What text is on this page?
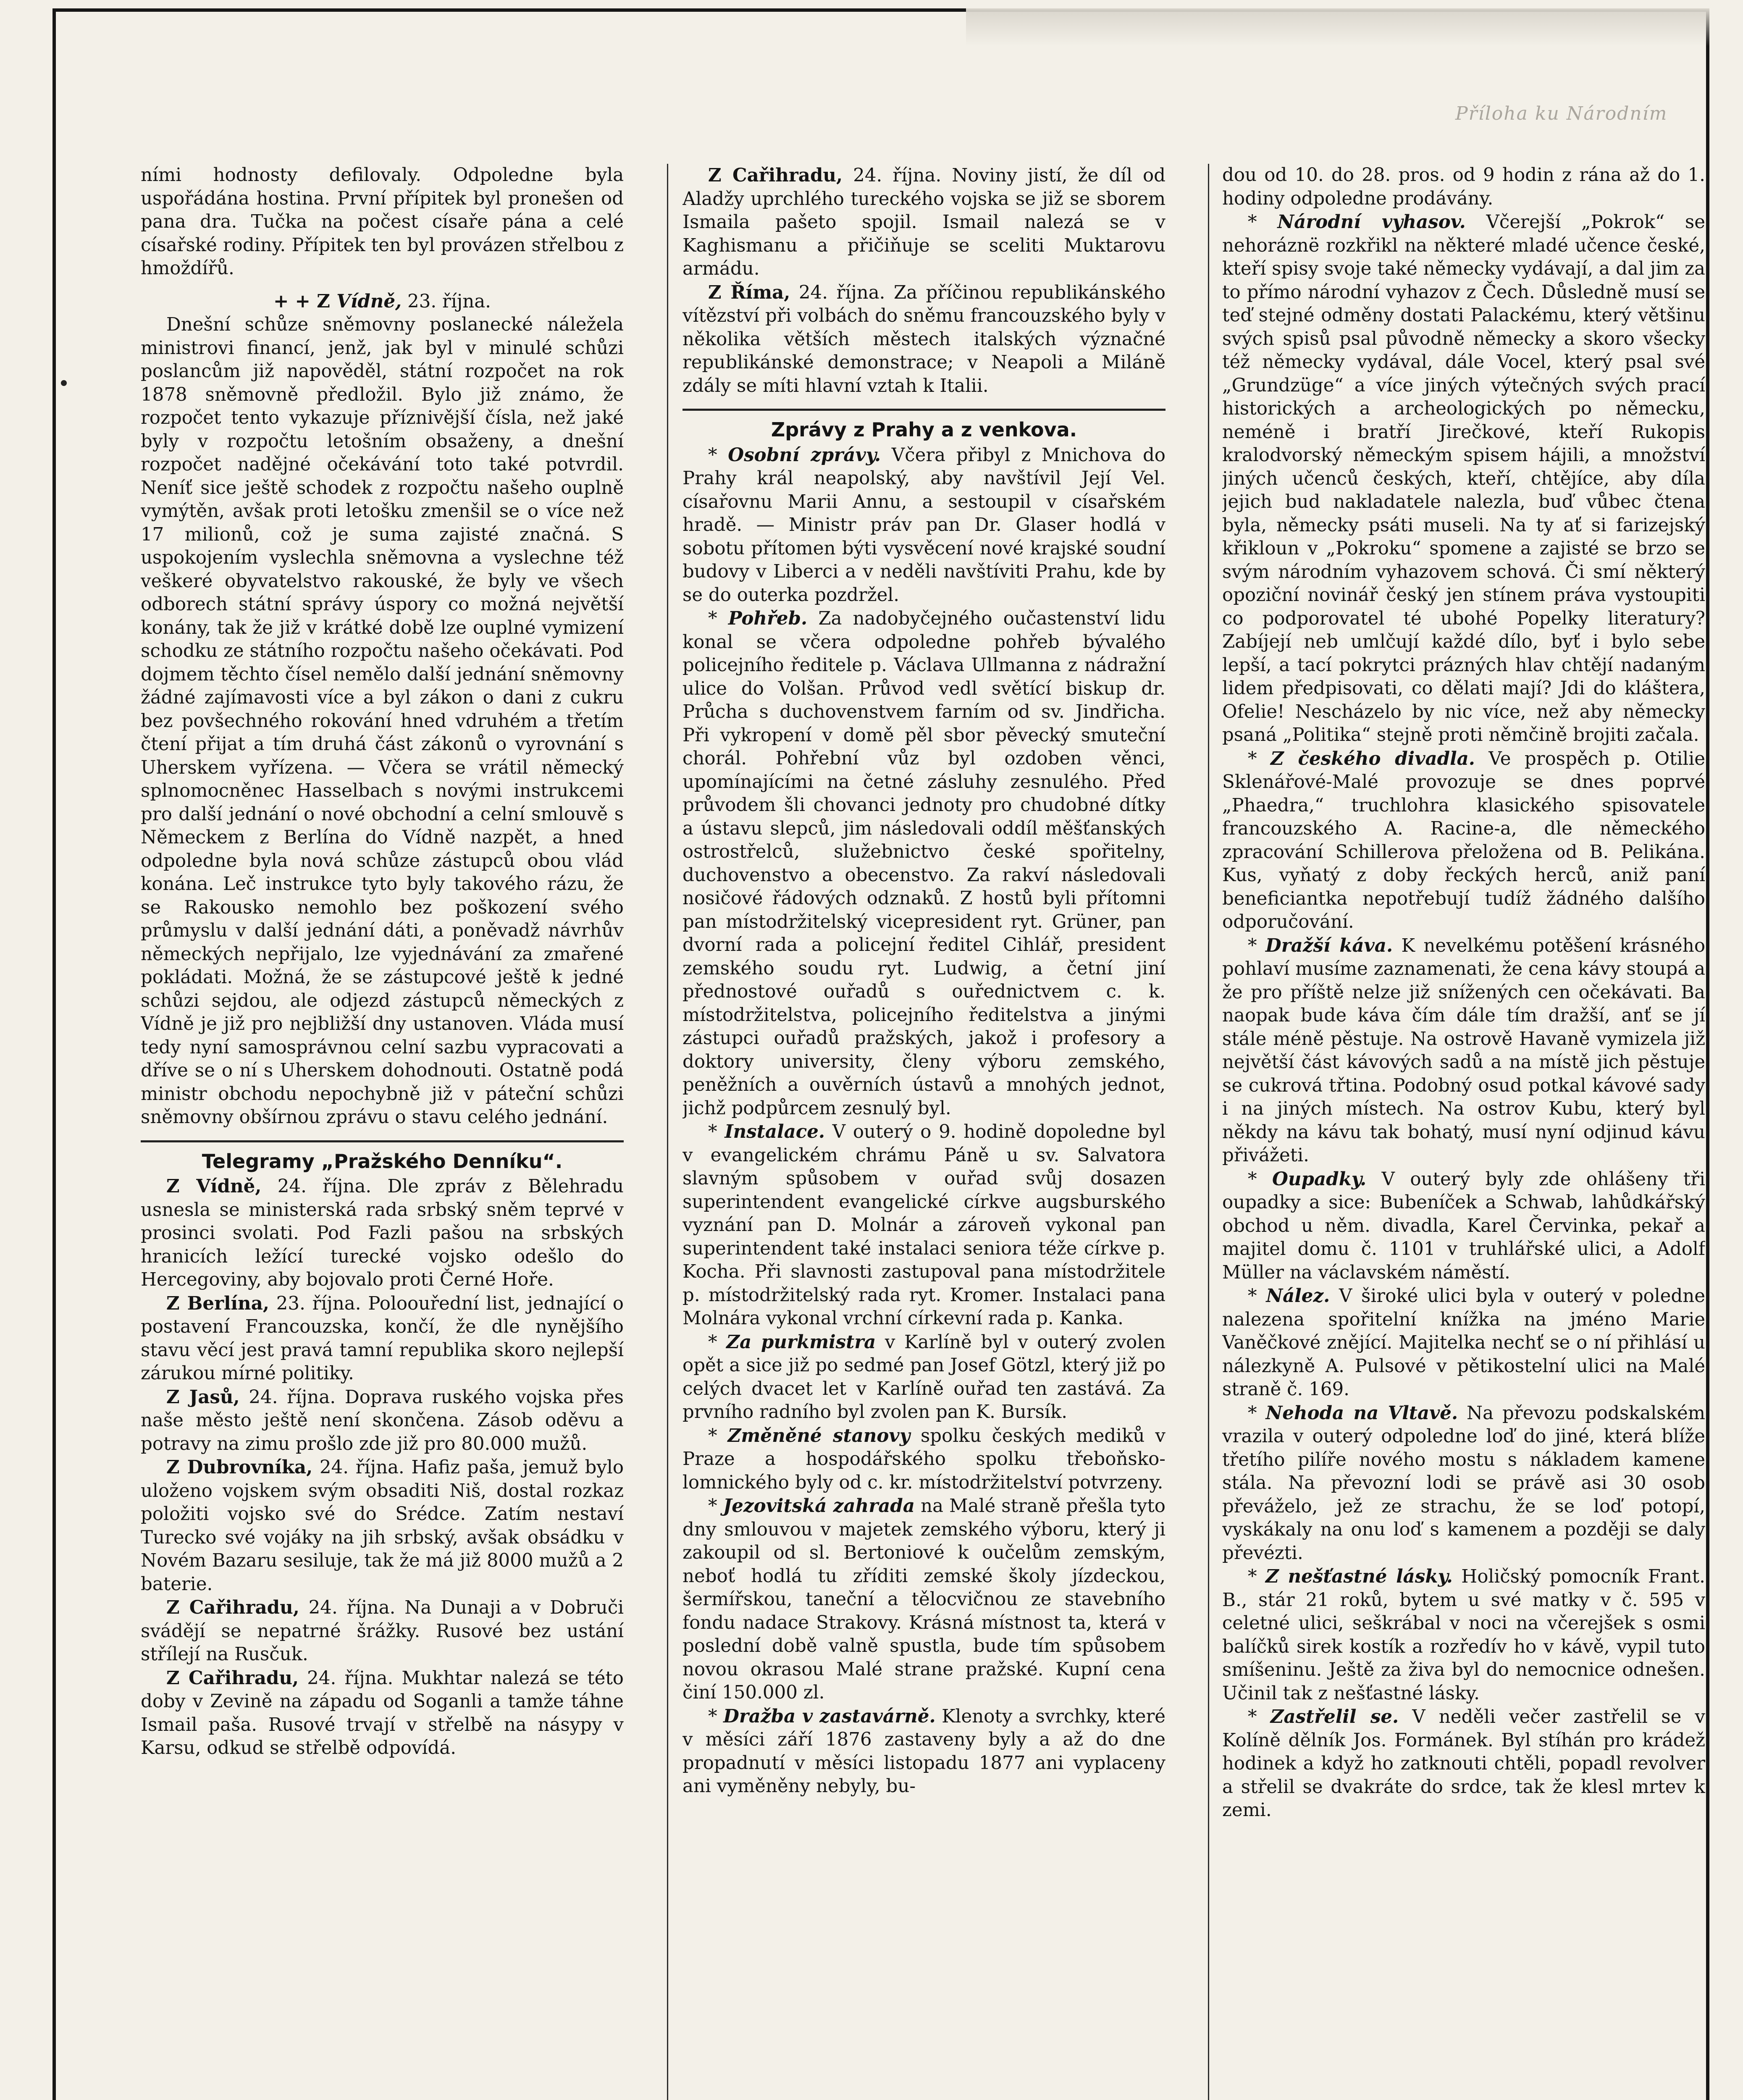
Příloha ku Národním

ními hodnosty defilovaly. Odpoledne byla uspořádána hostina. První přípitek byl pronešen od pana dra. Tučka na počest císaře pána a celé císařské rodiny. Přípitek ten byl provázen střelbou z hmoždířů.

+ + Z Vídně, 23. října.

Dnešní schůze sněmovny poslanecké náležela ministrovi financí, jenž, jak byl v minulé schůzi poslancům již napověděl, státní rozpočet na rok 1878 sněmovně předložil. Bylo již známo, že rozpočet tento vykazuje příznivější čísla, než jaké byly v rozpočtu letošním obsaženy, a dnešní rozpočet nadějné očekávání toto také potvrdil. Neníť sice ještě schodek z rozpočtu našeho ouplně vymýtěn, avšak proti letošku zmenšil se o více než 17 milionů, což je suma zajisté značná. S uspokojením vyslechla sněmovna a vyslechne též veškeré obyvatelstvo rakouské, že byly ve všech odborech státní správy úspory co možná největší konány, tak že již v krátké době lze ouplné vymizení schodku ze státního rozpočtu našeho očekávati. Pod dojmem těchto čísel nemělo další jednání sněmovny žádné zajímavosti více a byl zákon o dani z cukru bez povšechného rokování hned vdruhém a třetím čtení přijat a tím druhá část zákonů o vyrovnání s Uherskem vyřízena. — Včera se vrátil německý splnomocněnec Hasselbach s novými instrukcemi pro další jednání o nové obchodní a celní smlouvě s Německem z Berlína do Vídně nazpět, a hned odpoledne byla nová schůze zástupců obou vlád konána. Leč instrukce tyto byly takového rázu, že se Rakousko nemohlo bez poškození svého průmyslu v další jednání dáti, a poněvadž návrhův německých nepřijalo, lze vyjednávání za zmařené pokládati. Možná, že se zástupcové ještě k jedné schůzi sejdou, ale odjezd zástupců německých z Vídně je již pro nejbližší dny ustanoven. Vláda musí tedy nyní samosprávnou celní sazbu vypracovati a dříve se o ní s Uherskem dohodnouti. Ostatně podá ministr obchodu nepochybně již v páteční schůzi sněmovny obšírnou zprávu o stavu celého jednání.

Telegramy „Pražského Denníku“.

Z Vídně, 24. října. Dle zpráv z Bělehradu usnesla se ministerská rada srbský sněm teprvé v prosinci svolati. Pod Fazli pašou na srbských hranicích ležící turecké vojsko odešlo do Hercegoviny, aby bojovalo proti Černé Hoře.

Z Berlína, 23. října. Poloouřední list, jednající o postavení Francouzska, končí, že dle nynějšího stavu věcí jest pravá tamní republika skoro nejlepší zárukou mírné politiky.

Z Jasů, 24. října. Doprava ruského vojska přes naše město ještě není skončena. Zásob oděvu a potravy na zimu prošlo zde již pro 80.000 mužů.

Z Dubrovníka, 24. října. Hafiz paša, jemuž bylo uloženo vojskem svým obsaditi Niš, dostal rozkaz položiti vojsko své do Srédce. Zatím nestaví Turecko své vojáky na jih srbský, avšak obsádku v Novém Bazaru sesiluje, tak že má již 8000 mužů a 2 baterie.

Z Cařihradu, 24. října. Na Dunaji a v Dobruči svádějí se nepatrné šrážky. Rusové bez ustání střílejí na Rusčuk.

Z Cařihradu, 24. října. Mukhtar nalezá se této doby v Zevině na západu od Soganli a tamže táhne Ismail paša. Rusové trvají v střelbě na násypy v Karsu, odkud se střelbě odpovídá.

Z Cařihradu, 24. října. Noviny jistí, že díl od Aladžy uprchlého tureckého vojska se již se sborem Ismaila pašeto spojil. Ismail nalezá se v Kaghismanu a přičiňuje se sceliti Muktarovu armádu.

Z Říma, 24. října. Za příčinou republikánského vítězství při volbách do sněmu francouzského byly v několika větších městech italských význačné republikánské demonstrace; v Neapoli a Miláně zdály se míti hlavní vztah k Italii.

Zprávy z Prahy a z venkova.

* Osobní zprávy. Včera přibyl z Mnichova do Prahy král neapolský, aby navštívil Její Vel. císařovnu Marii Annu, a sestoupil v císařském hradě. — Ministr práv pan Dr. Glaser hodlá v sobotu přítomen býti vysvěcení nové krajské soudní budovy v Liberci a v neděli navštíviti Prahu, kde by se do outerka pozdržel.

* Pohřeb. Za nadobyčejného oučastenství lidu konal se včera odpoledne pohřeb bývalého policejního ředitele p. Václava Ullmanna z nádražní ulice do Volšan. Průvod vedl světící biskup dr. Průcha s duchovenstvem farním od sv. Jindřicha. Při vykropení v domě pěl sbor pěvecký smuteční chorál. Pohřební vůz byl ozdoben věnci, upomínajícími na četné zásluhy zesnulého. Před průvodem šli chovanci jednoty pro chudobné dítky a ústavu slepců, jim následovali oddíl měšťanských ostrostřelců, služebnictvo české spořitelny, duchovenstvo a obecenstvo. Za rakví následovali nosičové řádových odznaků. Z hostů byli přítomni pan místodržitelský vicepresident ryt. Grüner, pan dvorní rada a policejní ředitel Cihlář, president zemského soudu ryt. Ludwig, a četní jiní přednostové ouřadů s ouřednictvem c. k. místodržitelstva, policejního ředitelstva a jinými zástupci ouřadů pražských, jakož i profesory a doktory university, členy výboru zemského, peněžních a ouvěrních ústavů a mnohých jednot, jichž podpůrcem zesnulý byl.

* Instalace. V outerý o 9. hodině dopoledne byl v evangelickém chrámu Páně u sv. Salvatora slavným spůsobem v ouřad svůj dosazen superintendent evangelické církve augsburského vyznání pan D. Molnár a zároveň vykonal pan superintendent také instalaci seniora téže církve p. Kocha. Při slavnosti zastupoval pana místodržitele p. místodržitelský rada ryt. Kromer. Instalaci pana Molnára vykonal vrchní církevní rada p. Kanka.

* Za purkmistra v Karlíně byl v outerý zvolen opět a sice již po sedmé pan Josef Götzl, který již po celých dvacet let v Karlíně ouřad ten zastává. Za prvního radního byl zvolen pan K. Bursík.

* Změněné stanovy spolku českých mediků v Praze a hospodářského spolku třeboňsko-lomnického byly od c. kr. místodržitelství potvrzeny.

* Jezovitská zahrada na Malé straně přešla tyto dny smlouvou v majetek zemského výboru, který ji zakoupil od sl. Bertoniové k oučelům zemským, neboť hodlá tu zříditi zemské školy jízdeckou, šermířskou, taneční a tělocvičnou ze stavebního fondu nadace Strakovy. Krásná místnost ta, která v poslední době valně spustla, bude tím spůsobem novou okrasou Malé strane pražské. Kupní cena činí 150.000 zl.

* Dražba v zastavárně. Klenoty a svrchky, které v měsíci září 1876 zastaveny byly a až do dne propadnutí v měsíci listopadu 1877 ani vyplaceny ani vyměněny nebyly, bu-

dou od 10. do 28. pros. od 9 hodin z rána až do 1. hodiny odpoledne prodávány.

* Národní vyhasov. Včerejší „Pokrok“ se nehoráznë rozkřikl na některé mladé učence české, kteří spisy svoje také německy vydávají, a dal jim za to přímo národní vyhazov z Čech. Důsledně musí se teď stejné odměny dostati Palackému, který většinu svých spisů psal původně německy a skoro všecky též německy vydával, dále Vocel, který psal své „Grundzüge“ a více jiných výtečných svých prací historických a archeologických po německu, neméně i bratří Jirečkové, kteří Rukopis kralodvorský německým spisem hájili, a množství jiných učenců českých, kteří, chtějíce, aby díla jejich bud nakladatele nalezla, buď vůbec čtena byla, německy psáti museli. Na ty ať si farizejský křikloun v „Pokroku“ spomene a zajisté se brzo se svým národním vyhazovem schová. Či smí některý opoziční novinář český jen stínem práva vystoupiti co podporovatel té ubohé Popelky literatury? Zabíjejí neb umlčují každé dílo, byť i bylo sebe lepší, a tací pokrytci prázných hlav chtějí nadaným lidem předpisovati, co dělati mají? Jdi do kláštera, Ofelie! Nescházelo by nic více, než aby německy psaná „Politika“ stejně proti němčině brojiti začala.

* Z českého divadla. Ve prospěch p. Otilie Sklenářové-Malé provozuje se dnes poprvé „Phaedra,“ truchlohra klasického spisovatele francouzského A. Racine-a, dle německého zpracování Schillerova přeložena od B. Pelikána. Kus, vyňatý z doby řeckých herců, aniž paní beneficiantka nepotřebují tudíž žádného dalšího odporučování.

* Dražší káva. K nevelkému potěšení krásného pohlaví musíme zaznamenati, že cena kávy stoupá a že pro příště nelze již snížených cen očekávati. Ba naopak bude káva čím dále tím dražší, anť se jí stále méně pěstuje. Na ostrově Havaně vymizela již největší část kávových sadů a na místě jich pěstuje se cukrová třtina. Podobný osud potkal kávové sady i na jiných místech. Na ostrov Kubu, který byl někdy na kávu tak bohatý, musí nyní odjinud kávu přivážeti.

* Oupadky. V outerý byly zde ohlášeny tři oupadky a sice: Bubeníček a Schwab, lahůdkářský obchod u něm. divadla, Karel Červinka, pekař a majitel domu č. 1101 v truhlářské ulici, a Adolf Müller na václavském náměstí.

* Nález. V široké ulici byla v outerý v poledne nalezena spořitelní knížka na jméno Marie Vaněčkové znějící. Majitelka nechť se o ní přihlásí u nálezkyně A. Pulsové v pětikostelní ulici na Malé straně č. 169.

* Nehoda na Vltavě. Na převozu podskalském vrazila v outerý odpoledne loď do jiné, která blíže třetího pilíře nového mostu s nákladem kamene stála. Na převozní lodi se právě asi 30 osob převáželo, jež ze strachu, že se loď potopí, vyskákaly na onu loď s kamenem a později se daly převézti.

* Z nešťastné lásky. Holičský pomocník Frant. B., stár 21 roků, bytem u své matky v č. 595 v celetné ulici, seškrábal v noci na včerejšek s osmi balíčků sirek kostík a rozředív ho v kávě, vypil tuto smíšeninu. Ještě za živa byl do nemocnice odnešen. Učinil tak z nešťastné lásky.

* Zastřelil se. V neděli večer zastřelil se v Kolíně dělník Jos. Formánek. Byl stíhán pro krádež hodinek a když ho zatknouti chtěli, popadl revolver a střelil se dvakráte do srdce, tak že klesl mrtev k zemi.
